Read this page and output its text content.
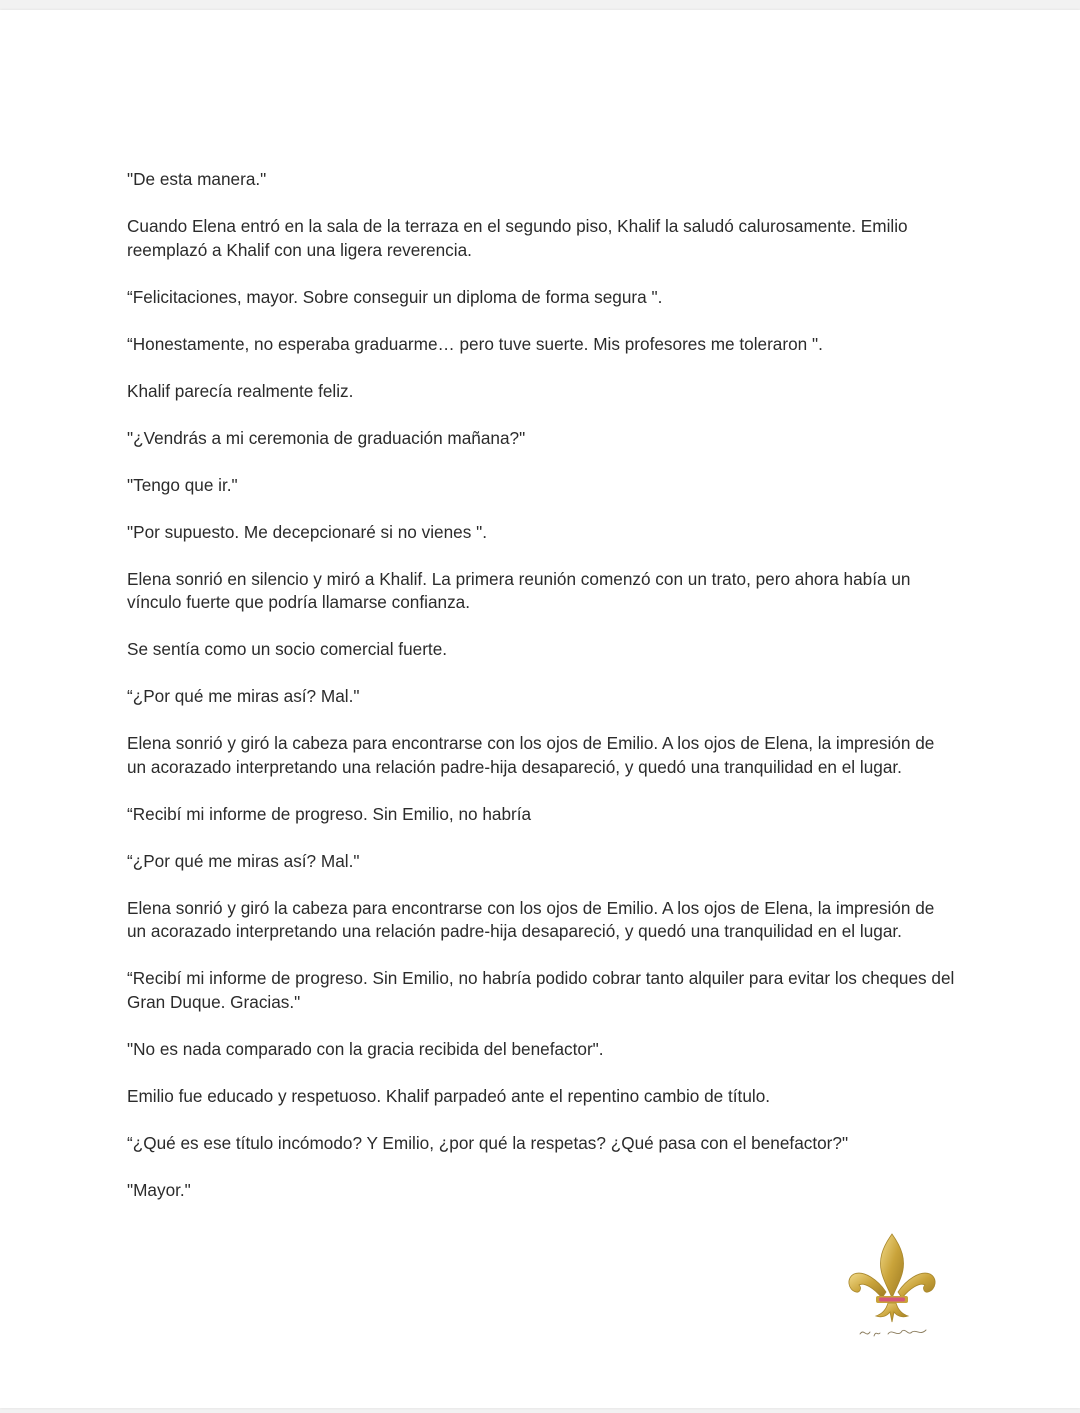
"De esta manera."

Cuando Elena entró en la sala de la terraza en el segundo piso, Khalif la saludó calurosamente. Emilio reemplazó a Khalif con una ligera reverencia.

“Felicitaciones, mayor. Sobre conseguir un diploma de forma segura ".

“Honestamente, no esperaba graduarme… pero tuve suerte. Mis profesores me toleraron ".

Khalif parecía realmente feliz.

"¿Vendrás a mi ceremonia de graduación mañana?"

"Tengo que ir."

"Por supuesto. Me decepcionaré si no vienes ".

Elena sonrió en silencio y miró a Khalif. La primera reunión comenzó con un trato, pero ahora había un vínculo fuerte que podría llamarse confianza.

Se sentía como un socio comercial fuerte.

“¿Por qué me miras así? Mal."

Elena sonrió y giró la cabeza para encontrarse con los ojos de Emilio. A los ojos de Elena, la impresión de un acorazado interpretando una relación padre-hija desapareció, y quedó una tranquilidad en el lugar.

“Recibí mi informe de progreso. Sin Emilio, no habría

“¿Por qué me miras así? Mal."

Elena sonrió y giró la cabeza para encontrarse con los ojos de Emilio. A los ojos de Elena, la impresión de un acorazado interpretando una relación padre-hija desapareció, y quedó una tranquilidad en el lugar.

“Recibí mi informe de progreso. Sin Emilio, no habría podido cobrar tanto alquiler para evitar los cheques del Gran Duque. Gracias."

"No es nada comparado con la gracia recibida del benefactor".

Emilio fue educado y respetuoso. Khalif parpadeó ante el repentino cambio de título.

“¿Qué es ese título incómodo? Y Emilio, ¿por qué la respetas? ¿Qué pasa con el benefactor?"

"Mayor."
